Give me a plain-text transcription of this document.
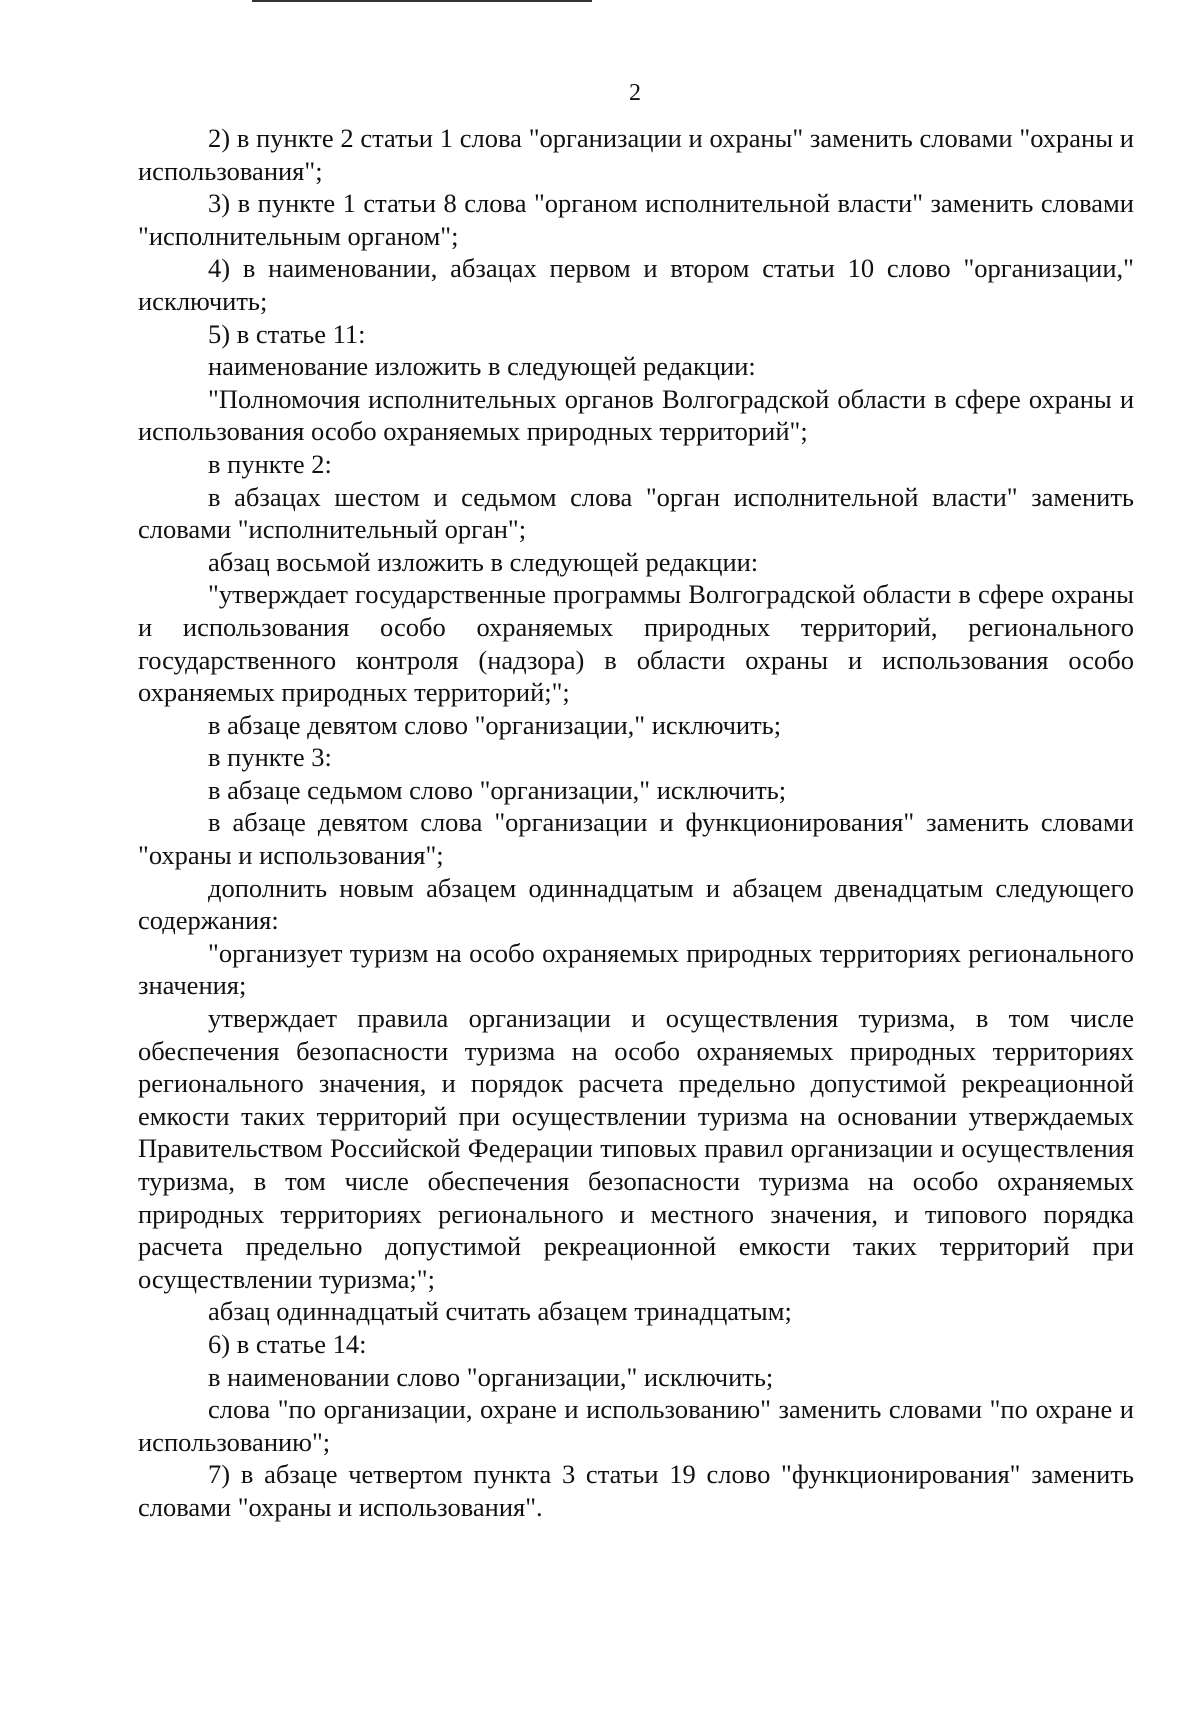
2

2) в пункте 2 статьи 1 слова "организации и охраны" заменить словами "охраны и использования";

3) в пункте 1 статьи 8 слова "органом исполнительной власти" заменить словами "исполнительным органом";

4) в наименовании, абзацах первом и втором статьи 10 слово "организации," исключить;

5) в статье 11:

наименование изложить в следующей редакции:

"Полномочия исполнительных органов Волгоградской области в сфере охраны и использования особо охраняемых природных территорий";

в пункте 2:

в абзацах шестом и седьмом слова "орган исполнительной власти" заменить словами "исполнительный орган";

абзац восьмой изложить в следующей редакции:

"утверждает государственные программы Волгоградской области в сфере охраны и использования особо охраняемых природных территорий, регионального государственного контроля (надзора) в области охраны и использования особо охраняемых природных территорий;";

в абзаце девятом слово "организации," исключить;

в пункте 3:

в абзаце седьмом слово "организации," исключить;

в абзаце девятом слова "организации и функционирования" заменить словами "охраны и использования";

дополнить новым абзацем одиннадцатым и абзацем двенадцатым следующего содержания:

"организует туризм на особо охраняемых природных территориях регионального значения;

утверждает правила организации и осуществления туризма, в том числе обеспечения безопасности туризма на особо охраняемых природных территориях регионального значения, и порядок расчета предельно допустимой рекреационной емкости таких территорий при осуществлении туризма на основании утверждаемых Правительством Российской Федерации типовых правил организации и осуществления туризма, в том числе обеспечения безопасности туризма на особо охраняемых природных территориях регионального и местного значения, и типового порядка расчета предельно допустимой рекреационной емкости таких территорий при осуществлении туризма;";

абзац одиннадцатый считать абзацем тринадцатым;

6) в статье 14:

в наименовании слово "организации," исключить;

слова "по организации, охране и использованию" заменить словами "по охране и использованию";

7) в абзаце четвертом пункта 3 статьи 19 слово "функционирования" заменить словами "охраны и использования".
